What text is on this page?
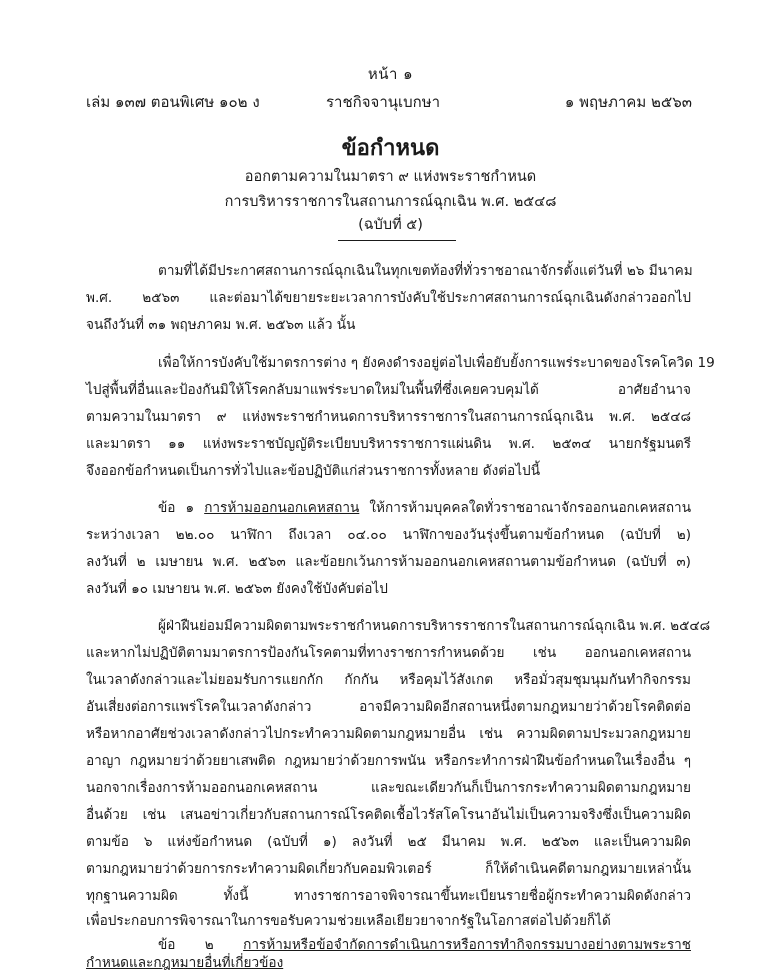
หน้า ๑
เล่ม ๑๓๗ ตอนพิเศษ ๑๐๒ ง	ราชกิจจานุเบกษา	๑ พฤษภาคม ๒๕๖๓
ข้อกำหนด
ออกตามความในมาตรา ๙ แห่งพระราชกำหนด
การบริหารราชการในสถานการณ์ฉุกเฉิน พ.ศ. ๒๕๔๘
(ฉบับที่ ๕)
ตามที่ได้มีประกาศสถานการณ์ฉุกเฉินในทุกเขตท้องที่ทั่วราชอาณาจักรตั้งแต่วันที่ ๒๖ มีนาคม
พ.ศ. ๒๕๖๓ และต่อมาได้ขยายระยะเวลาการบังคับใช้ประกาศสถานการณ์ฉุกเฉินดังกล่าวออกไป
จนถึงวันที่ ๓๑ พฤษภาคม พ.ศ. ๒๕๖๓ แล้ว นั้น
เพื่อให้การบังคับใช้มาตรการต่าง ๆ ยังคงดำรงอยู่ต่อไปเพื่อยับยั้งการแพร่ระบาดของโรคโควิด 19
ไปสู่พื้นที่อื่นและป้องกันมิให้โรคกลับมาแพร่ระบาดใหม่ในพื้นที่ซึ่งเคยควบคุมได้ อาศัยอำนาจ
ตามความในมาตรา ๙ แห่งพระราชกำหนดการบริหารราชการในสถานการณ์ฉุกเฉิน พ.ศ. ๒๕๔๘
และมาตรา ๑๑ แห่งพระราชบัญญัติระเบียบบริหารราชการแผ่นดิน พ.ศ. ๒๕๓๔ นายกรัฐมนตรี
จึงออกข้อกำหนดเป็นการทั่วไปและข้อปฏิบัติแก่ส่วนราชการทั้งหลาย ดังต่อไปนี้
ข้อ ๑ การห้ามออกนอกเคหสถาน ให้การห้ามบุคคลใดทั่วราชอาณาจักรออกนอกเคหสถาน
ระหว่างเวลา ๒๒.๐๐ นาฬิกา ถึงเวลา ๐๔.๐๐ นาฬิกาของวันรุ่งขึ้นตามข้อกำหนด (ฉบับที่ ๒)
ลงวันที่ ๒ เมษายน พ.ศ. ๒๕๖๓ และข้อยกเว้นการห้ามออกนอกเคหสถานตามข้อกำหนด (ฉบับที่ ๓)
ลงวันที่ ๑๐ เมษายน พ.ศ. ๒๕๖๓ ยังคงใช้บังคับต่อไป
ผู้ฝ่าฝืนย่อมมีความผิดตามพระราชกำหนดการบริหารราชการในสถานการณ์ฉุกเฉิน พ.ศ. ๒๕๔๘
และหากไม่ปฏิบัติตามมาตรการป้องกันโรคตามที่ทางราชการกำหนดด้วย เช่น ออกนอกเคหสถาน
ในเวลาดังกล่าวและไม่ยอมรับการแยกกัก กักกัน หรือคุมไว้สังเกต หรือมั่วสุมชุมนุมกันทำกิจกรรม
อันเสี่ยงต่อการแพร่โรคในเวลาดังกล่าว อาจมีความผิดอีกสถานหนึ่งตามกฎหมายว่าด้วยโรคติดต่อ
หรือหากอาศัยช่วงเวลาดังกล่าวไปกระทำความผิดตามกฎหมายอื่น เช่น ความผิดตามประมวลกฎหมาย
อาญา กฎหมายว่าด้วยยาเสพติด กฎหมายว่าด้วยการพนัน หรือกระทำการฝ่าฝืนข้อกำหนดในเรื่องอื่น ๆ
นอกจากเรื่องการห้ามออกนอกเคหสถาน และขณะเดียวกันก็เป็นการกระทำความผิดตามกฎหมาย
อื่นด้วย เช่น เสนอข่าวเกี่ยวกับสถานการณ์โรคติดเชื้อไวรัสโคโรนาอันไม่เป็นความจริงซึ่งเป็นความผิด
ตามข้อ ๖ แห่งข้อกำหนด (ฉบับที่ ๑) ลงวันที่ ๒๕ มีนาคม พ.ศ. ๒๕๖๓ และเป็นความผิด
ตามกฎหมายว่าด้วยการกระทำความผิดเกี่ยวกับคอมพิวเตอร์ ก็ให้ดำเนินคดีตามกฎหมายเหล่านั้น
ทุกฐานความผิด ทั้งนี้ ทางราชการอาจพิจารณาขึ้นทะเบียนรายชื่อผู้กระทำความผิดดังกล่าว
เพื่อประกอบการพิจารณาในการขอรับความช่วยเหลือเยียวยาจากรัฐในโอกาสต่อไปด้วยก็ได้
ข้อ ๒ การห้ามหรือข้อจำกัดการดำเนินการหรือการทำกิจกรรมบางอย่างตามพระราช
กำหนดและกฎหมายอื่นที่เกี่ยวข้อง
